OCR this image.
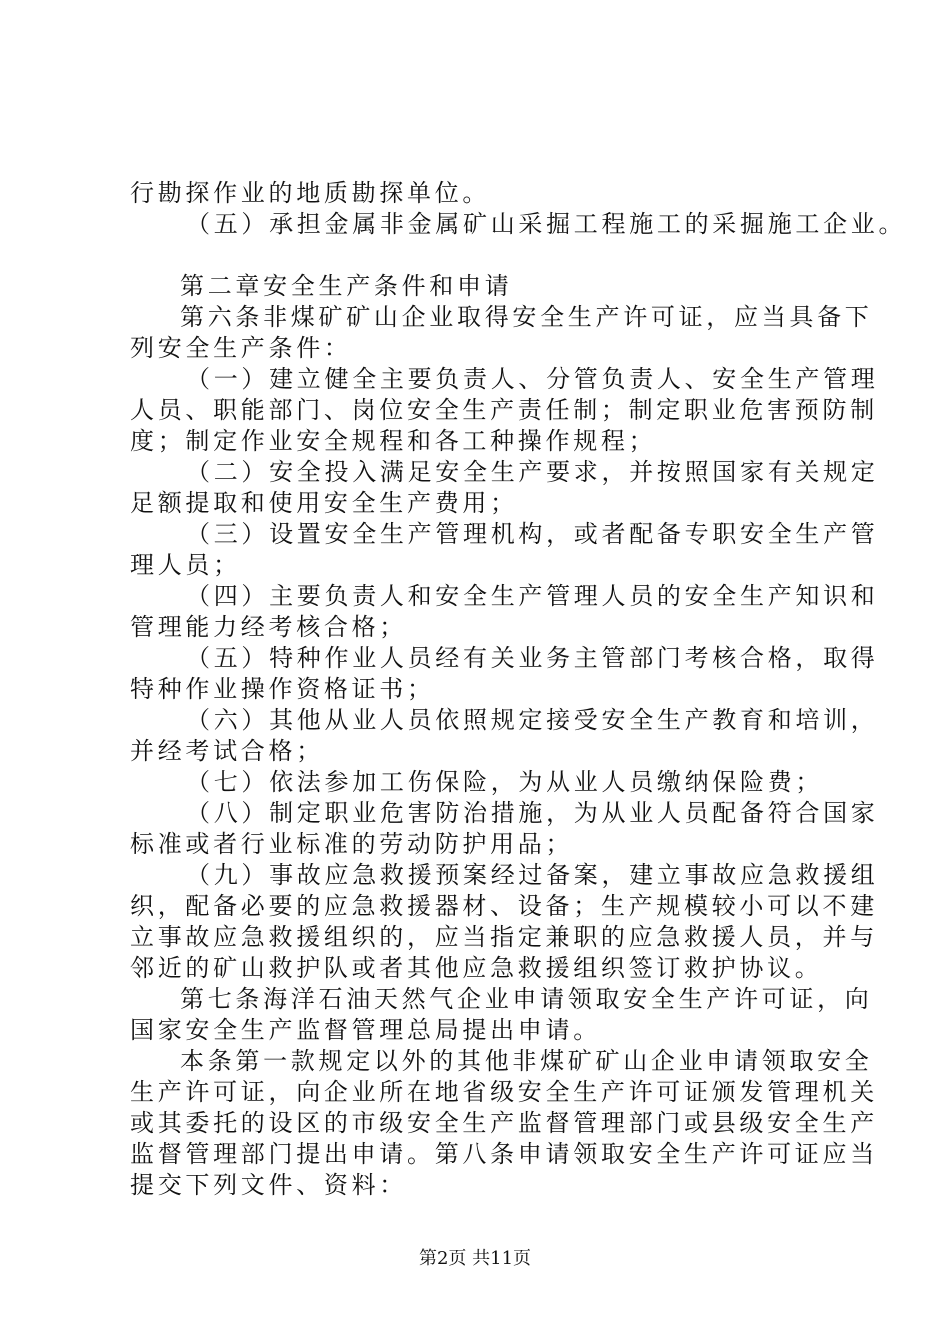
行勘探作业的地质勘探单位。
（五）承担金属非金属矿山采掘工程施工的采掘施工企业。
第二章安全生产条件和申请
第六条非煤矿矿山企业取得安全生产许可证，应当具备下
列安全生产条件：
（一）建立健全主要负责人、分管负责人、安全生产管理
人员、职能部门、岗位安全生产责任制；制定职业危害预防制
度；制定作业安全规程和各工种操作规程；
（二）安全投入满足安全生产要求，并按照国家有关规定
足额提取和使用安全生产费用；
（三）设置安全生产管理机构，或者配备专职安全生产管
理人员；
（四）主要负责人和安全生产管理人员的安全生产知识和
管理能力经考核合格；
（五）特种作业人员经有关业务主管部门考核合格，取得
特种作业操作资格证书；
（六）其他从业人员依照规定接受安全生产教育和培训，
并经考试合格；
（七）依法参加工伤保险，为从业人员缴纳保险费；
（八）制定职业危害防治措施，为从业人员配备符合国家
标准或者行业标准的劳动防护用品；
（九）事故应急救援预案经过备案，建立事故应急救援组
织，配备必要的应急救援器材、设备；生产规模较小可以不建
立事故应急救援组织的，应当指定兼职的应急救援人员，并与
邻近的矿山救护队或者其他应急救援组织签订救护协议。
第七条海洋石油天然气企业申请领取安全生产许可证，向
国家安全生产监督管理总局提出申请。
本条第一款规定以外的其他非煤矿矿山企业申请领取安全
生产许可证，向企业所在地省级安全生产许可证颁发管理机关
或其委托的设区的市级安全生产监督管理部门或县级安全生产
监督管理部门提出申请。第八条申请领取安全生产许可证应当
提交下列文件、资料：
第2页 共11页
